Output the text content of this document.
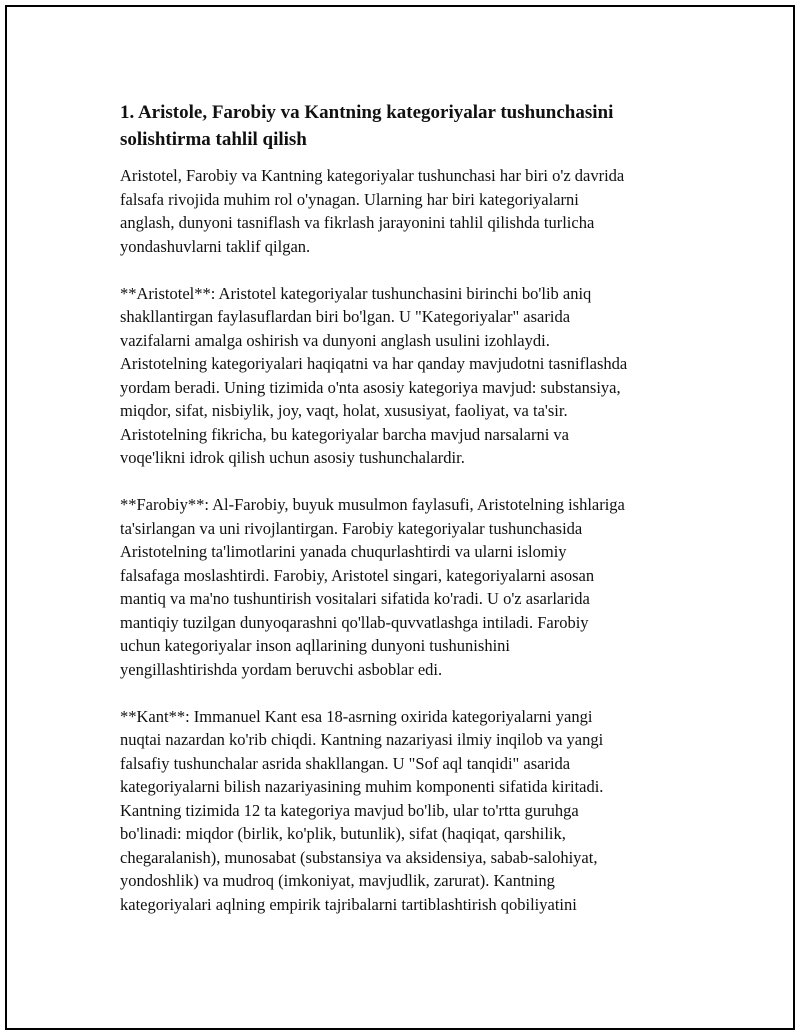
1. Aristole, Farobiy va Kantning kategoriyalar tushunchasini
solishtirma tahlil qilish
Aristotel, Farobiy va Kantning kategoriyalar tushunchasi har biri o'z davrida
falsafa rivojida muhim rol o'ynagan. Ularning har biri kategoriyalarni
anglash, dunyoni tasniflash va fikrlash jarayonini tahlil qilishda turlicha
yondashuvlarni taklif qilgan.
**Aristotel**: Aristotel kategoriyalar tushunchasini birinchi bo'lib aniq
shakllantirgan faylasuflardan biri bo'lgan. U "Kategoriyalar" asarida
vazifalarni amalga oshirish va dunyoni anglash usulini izohlaydi.
Aristotelning kategoriyalari haqiqatni va har qanday mavjudotni tasniflashda
yordam beradi. Uning tizimida o'nta asosiy kategoriya mavjud: substansiya,
miqdor, sifat, nisbiylik, joy, vaqt, holat, xususiyat, faoliyat, va ta'sir.
Aristotelning fikricha, bu kategoriyalar barcha mavjud narsalarni va
voqe'likni idrok qilish uchun asosiy tushunchalardir.
**Farobiy**: Al-Farobiy, buyuk musulmon faylasufi, Aristotelning ishlariga
ta'sirlangan va uni rivojlantirgan. Farobiy kategoriyalar tushunchasida
Aristotelning ta'limotlarini yanada chuqurlashtirdi va ularni islomiy
falsafaga moslashtirdi. Farobiy, Aristotel singari, kategoriyalarni asosan
mantiq va ma'no tushuntirish vositalari sifatida ko'radi. U o'z asarlarida
mantiqiy tuzilgan dunyoqarashni qo'llab-quvvatlashga intiladi. Farobiy
uchun kategoriyalar inson aqllarining dunyoni tushunishini
yengillashtirishda yordam beruvchi asboblar edi.
**Kant**: Immanuel Kant esa 18-asrning oxirida kategoriyalarni yangi
nuqtai nazardan ko'rib chiqdi. Kantning nazariyasi ilmiy inqilob va yangi
falsafiy tushunchalar asrida shakllangan. U "Sof aql tanqidi" asarida
kategoriyalarni bilish nazariyasining muhim komponenti sifatida kiritadi.
Kantning tizimida 12 ta kategoriya mavjud bo'lib, ular to'rtta guruhga
bo'linadi: miqdor (birlik, ko'plik, butunlik), sifat (haqiqat, qarshilik,
chegaralanish), munosabat (substansiya va aksidensiya, sabab-salohiyat,
yondoshlik) va mudroq (imkoniyat, mavjudlik, zarurat). Kantning
kategoriyalari aqlning empirik tajribalarni tartiblashtirish qobiliyatini
